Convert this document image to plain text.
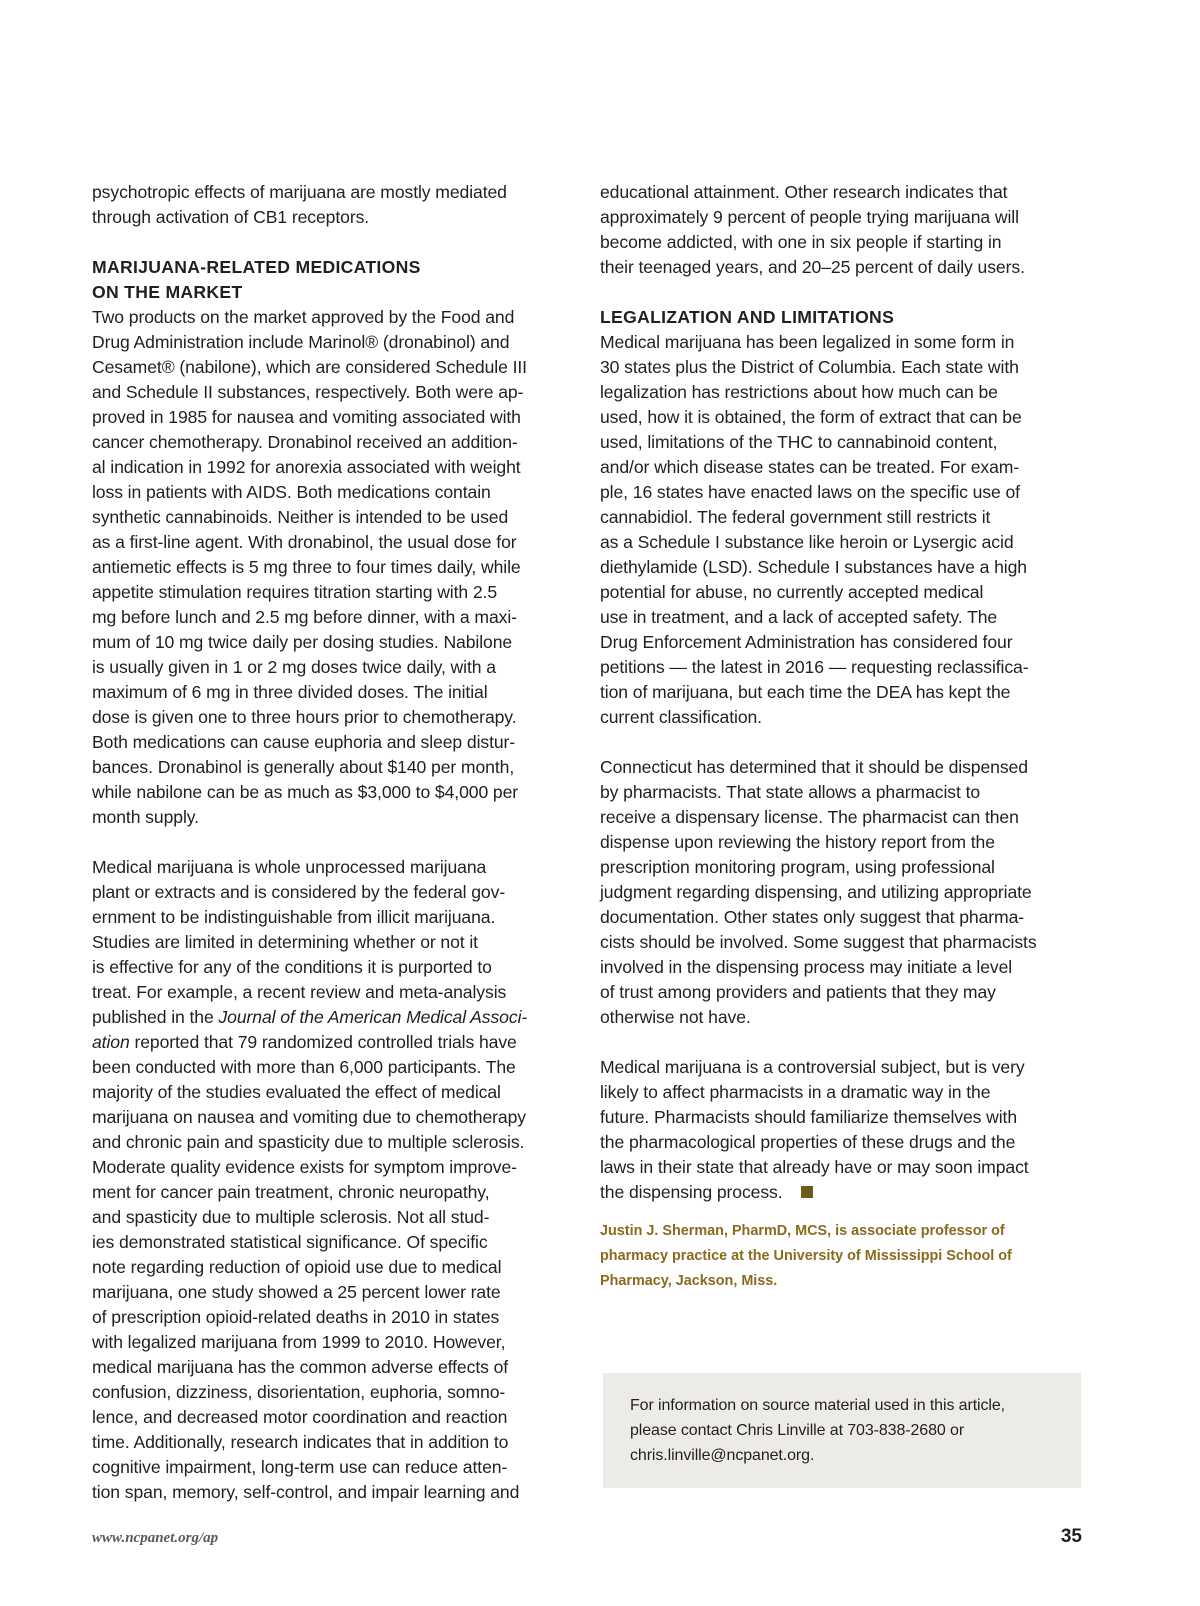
psychotropic effects of marijuana are mostly mediated
through activation of CB1 receptors.
MARIJUANA-RELATED MEDICATIONS
ON THE MARKET
Two products on the market approved by the Food and
Drug Administration include Marinol® (dronabinol) and
Cesamet® (nabilone), which are considered Schedule III
and Schedule II substances, respectively. Both were ap-
proved in 1985 for nausea and vomiting associated with
cancer chemotherapy. Dronabinol received an addition-
al indication in 1992 for anorexia associated with weight
loss in patients with AIDS. Both medications contain
synthetic cannabinoids. Neither is intended to be used
as a first-line agent. With dronabinol, the usual dose for
antiemetic effects is 5 mg three to four times daily, while
appetite stimulation requires titration starting with 2.5
mg before lunch and 2.5 mg before dinner, with a maxi-
mum of 10 mg twice daily per dosing studies. Nabilone
is usually given in 1 or 2 mg doses twice daily, with a
maximum of 6 mg in three divided doses. The initial
dose is given one to three hours prior to chemotherapy.
Both medications can cause euphoria and sleep distur-
bances. Dronabinol is generally about $140 per month,
while nabilone can be as much as $3,000 to $4,000 per
month supply.
Medical marijuana is whole unprocessed marijuana
plant or extracts and is considered by the federal gov-
ernment to be indistinguishable from illicit marijuana.
Studies are limited in determining whether or not it
is effective for any of the conditions it is purported to
treat. For example, a recent review and meta-analysis
published in the Journal of the American Medical Associ-
ation reported that 79 randomized controlled trials have
been conducted with more than 6,000 participants. The
majority of the studies evaluated the effect of medical
marijuana on nausea and vomiting due to chemotherapy
and chronic pain and spasticity due to multiple sclerosis.
Moderate quality evidence exists for symptom improve-
ment for cancer pain treatment, chronic neuropathy,
and spasticity due to multiple sclerosis. Not all stud-
ies demonstrated statistical significance. Of specific
note regarding reduction of opioid use due to medical
marijuana, one study showed a 25 percent lower rate
of prescription opioid-related deaths in 2010 in states
with legalized marijuana from 1999 to 2010. However,
medical marijuana has the common adverse effects of
confusion, dizziness, disorientation, euphoria, somno-
lence, and decreased motor coordination and reaction
time. Additionally, research indicates that in addition to
cognitive impairment, long-term use can reduce atten-
tion span, memory, self-control, and impair learning and
educational attainment. Other research indicates that
approximately 9 percent of people trying marijuana will
become addicted, with one in six people if starting in
their teenaged years, and 20–25 percent of daily users.
LEGALIZATION AND LIMITATIONS
Medical marijuana has been legalized in some form in
30 states plus the District of Columbia. Each state with
legalization has restrictions about how much can be
used, how it is obtained, the form of extract that can be
used, limitations of the THC to cannabinoid content,
and/or which disease states can be treated. For exam-
ple, 16 states have enacted laws on the specific use of
cannabidiol. The federal government still restricts it
as a Schedule I substance like heroin or Lysergic acid
diethylamide (LSD). Schedule I substances have a high
potential for abuse, no currently accepted medical
use in treatment, and a lack of accepted safety. The
Drug Enforcement Administration has considered four
petitions — the latest in 2016 — requesting reclassifica-
tion of marijuana, but each time the DEA has kept the
current classification.
Connecticut has determined that it should be dispensed
by pharmacists. That state allows a pharmacist to
receive a dispensary license. The pharmacist can then
dispense upon reviewing the history report from the
prescription monitoring program, using professional
judgment regarding dispensing, and utilizing appropriate
documentation. Other states only suggest that pharma-
cists should be involved. Some suggest that pharmacists
involved in the dispensing process may initiate a level
of trust among providers and patients that they may
otherwise not have.
Medical marijuana is a controversial subject, but is very
likely to affect pharmacists in a dramatic way in the
future. Pharmacists should familiarize themselves with
the pharmacological properties of these drugs and the
laws in their state that already have or may soon impact
the dispensing process.
Justin J. Sherman, PharmD, MCS, is associate professor of
pharmacy practice at the University of Mississippi School of
Pharmacy, Jackson, Miss.
For information on source material used in this article,
please contact Chris Linville at 703-838-2680 or
chris.linville@ncpanet.org.
www.ncpanet.org/ap	35
